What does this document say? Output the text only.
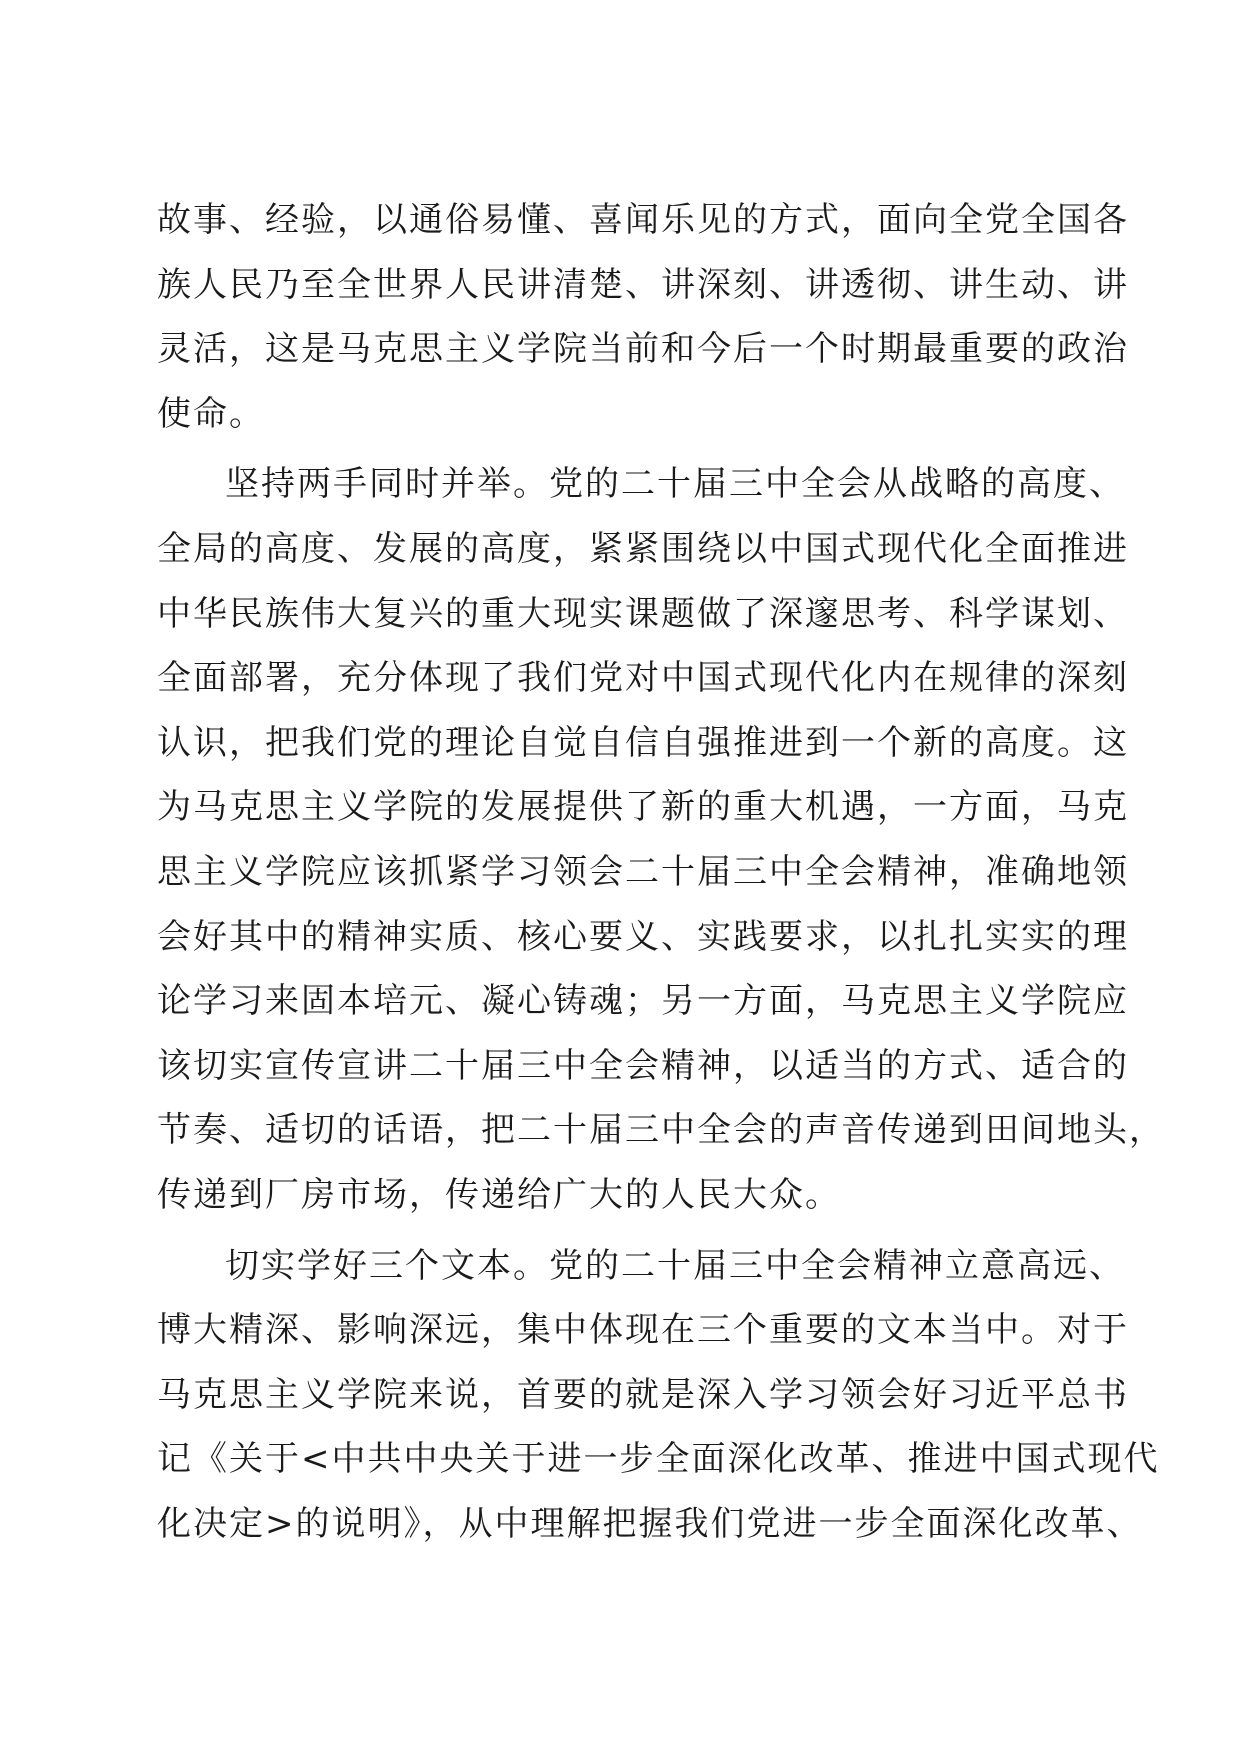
故事、经验，以通俗易懂、喜闻乐见的方式，面向全党全国各
族人民乃至全世界人民讲清楚、讲深刻、讲透彻、讲生动、讲
灵活，这是马克思主义学院当前和今后一个时期最重要的政治
使命。
坚持两手同时并举。党的二十届三中全会从战略的高度、
全局的高度、发展的高度，紧紧围绕以中国式现代化全面推进
中华民族伟大复兴的重大现实课题做了深邃思考、科学谋划、
全面部署，充分体现了我们党对中国式现代化内在规律的深刻
认识，把我们党的理论自觉自信自强推进到一个新的高度。这
为马克思主义学院的发展提供了新的重大机遇，一方面，马克
思主义学院应该抓紧学习领会二十届三中全会精神，准确地领
会好其中的精神实质、核心要义、实践要求，以扎扎实实的理
论学习来固本培元、凝心铸魂；另一方面，马克思主义学院应
该切实宣传宣讲二十届三中全会精神，以适当的方式、适合的
节奏、适切的话语，把二十届三中全会的声音传递到田间地头，
传递到厂房市场，传递给广大的人民大众。
切实学好三个文本。党的二十届三中全会精神立意高远、
博大精深、影响深远，集中体现在三个重要的文本当中。对于
马克思主义学院来说，首要的就是深入学习领会好习近平总书
记《关于<中共中央关于进一步全面深化改革、推进中国式现代
化决定>的说明》，从中理解把握我们党进一步全面深化改革、
